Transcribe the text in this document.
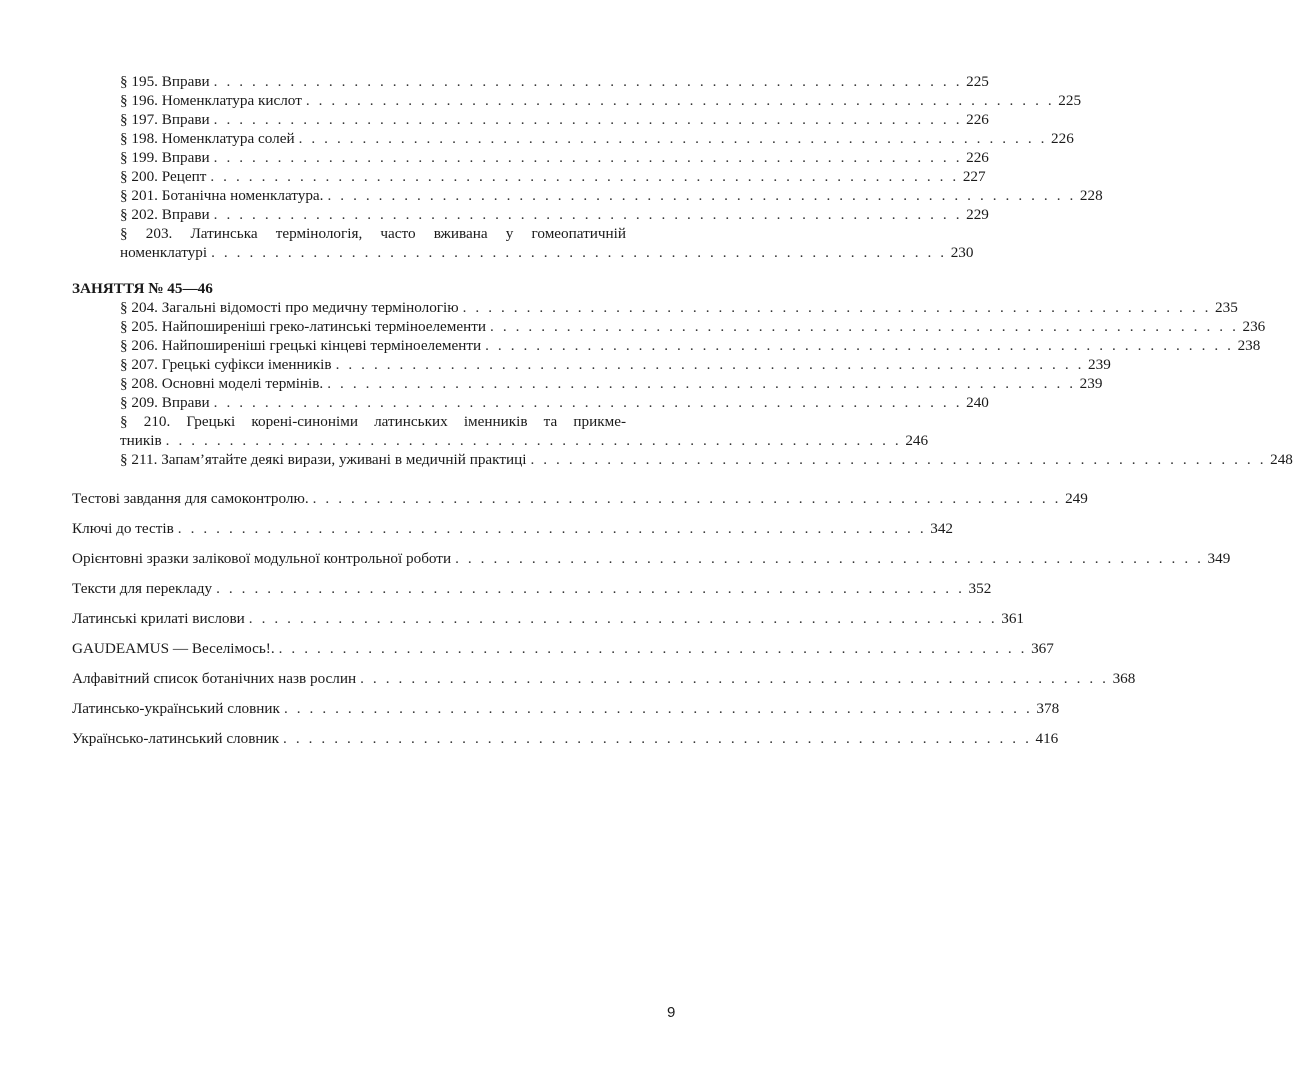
§ 195. Вправи . . . . . . . . . . . . . . . . . . . . . . . . . . . . . . . . . . . . . . . . . . . . . . . . . . . . . . . . . . . 225
§ 196. Номенклатура кислот . . . . . . . . . . . . . . . . . . . . . . . . . . . . . . . . . . . . . . . . . . . . . . . . . . . . . . . . . . . 225
§ 197. Вправи . . . . . . . . . . . . . . . . . . . . . . . . . . . . . . . . . . . . . . . . . . . . . . . . . . . . . . . . . . . 226
§ 198. Номенклатура солей . . . . . . . . . . . . . . . . . . . . . . . . . . . . . . . . . . . . . . . . . . . . . . . . . . . . . . . . . . . 226
§ 199. Вправи . . . . . . . . . . . . . . . . . . . . . . . . . . . . . . . . . . . . . . . . . . . . . . . . . . . . . . . . . . . 226
§ 200. Рецепт . . . . . . . . . . . . . . . . . . . . . . . . . . . . . . . . . . . . . . . . . . . . . . . . . . . . . . . . . . . 227
§ 201. Ботанічна номенклатура. . . . . . . . . . . . . . . . . . . . . . . . . . . . . . . . . . . . . . . . . . . . . . . . . . . . . . . . . . . . 228
§ 202. Вправи . . . . . . . . . . . . . . . . . . . . . . . . . . . . . . . . . . . . . . . . . . . . . . . . . . . . . . . . . . . 229
§ 203. Латинська термінологія, часто вживана у гомеопатичній
номенклатурі . . . . . . . . . . . . . . . . . . . . . . . . . . . . . . . . . . . . . . . . . . . . . . . . . . . . . . . . . . 230
ЗАНЯТТЯ № 45—46
§ 204. Загальні відомості про медичну термінологію . . . . . . . . . . . . . . . . . . . . . . . . . . . . . . . . . . . . . . . . . . . . . . . . . . . . . . . . . . . 235
§ 205. Найпоширеніші греко-латинські терміноелементи . . . . . . . . . . . . . . . . . . . . . . . . . . . . . . . . . . . . . . . . . . . . . . . . . . . . . . . . . . . 236
§ 206. Найпоширеніші грецькі кінцеві терміноелементи . . . . . . . . . . . . . . . . . . . . . . . . . . . . . . . . . . . . . . . . . . . . . . . . . . . . . . . . . . . 238
§ 207. Грецькі суфікси іменників . . . . . . . . . . . . . . . . . . . . . . . . . . . . . . . . . . . . . . . . . . . . . . . . . . . . . . . . . . . 239
§ 208. Основні моделі термінів. . . . . . . . . . . . . . . . . . . . . . . . . . . . . . . . . . . . . . . . . . . . . . . . . . . . . . . . . . . . 239
§ 209. Вправи . . . . . . . . . . . . . . . . . . . . . . . . . . . . . . . . . . . . . . . . . . . . . . . . . . . . . . . . . . . 240
§ 210. Грецькі корені-синоніми латинських іменників та прикме-
тників . . . . . . . . . . . . . . . . . . . . . . . . . . . . . . . . . . . . . . . . . . . . . . . . . . . . . . . . . . 246
§ 211. Запам’ятайте деякі вирази, уживані в медичній практиці . . . . . . . . . . . . . . . . . . . . . . . . . . . . . . . . . . . . . . . . . . . . . . . . . . . . . . . . . . 248
Тестові завдання для самоконтролю. . . . . . . . . . . . . . . . . . . . . . . . . . . . . . . . . . . . . . . . . . . . . . . . . . . . . . . . . . . . 249
Ключі до тестів . . . . . . . . . . . . . . . . . . . . . . . . . . . . . . . . . . . . . . . . . . . . . . . . . . . . . . . . . . . 342
Орієнтовні зразки залікової модульної контрольної роботи . . . . . . . . . . . . . . . . . . . . . . . . . . . . . . . . . . . . . . . . . . . . . . . . . . . . . . . . . . . 349
Тексти для перекладу . . . . . . . . . . . . . . . . . . . . . . . . . . . . . . . . . . . . . . . . . . . . . . . . . . . . . . . . . . . 352
Латинські крилаті вислови . . . . . . . . . . . . . . . . . . . . . . . . . . . . . . . . . . . . . . . . . . . . . . . . . . . . . . . . . . . 361
GAUDEAMUS — Веселімось!. . . . . . . . . . . . . . . . . . . . . . . . . . . . . . . . . . . . . . . . . . . . . . . . . . . . . . . . . . . . 367
Алфавітний список ботанічних назв рослин . . . . . . . . . . . . . . . . . . . . . . . . . . . . . . . . . . . . . . . . . . . . . . . . . . . . . . . . . . . 368
Латинсько-український словник . . . . . . . . . . . . . . . . . . . . . . . . . . . . . . . . . . . . . . . . . . . . . . . . . . . . . . . . . . . 378
Українсько-латинський словник . . . . . . . . . . . . . . . . . . . . . . . . . . . . . . . . . . . . . . . . . . . . . . . . . . . . . . . . . . . 416
9
